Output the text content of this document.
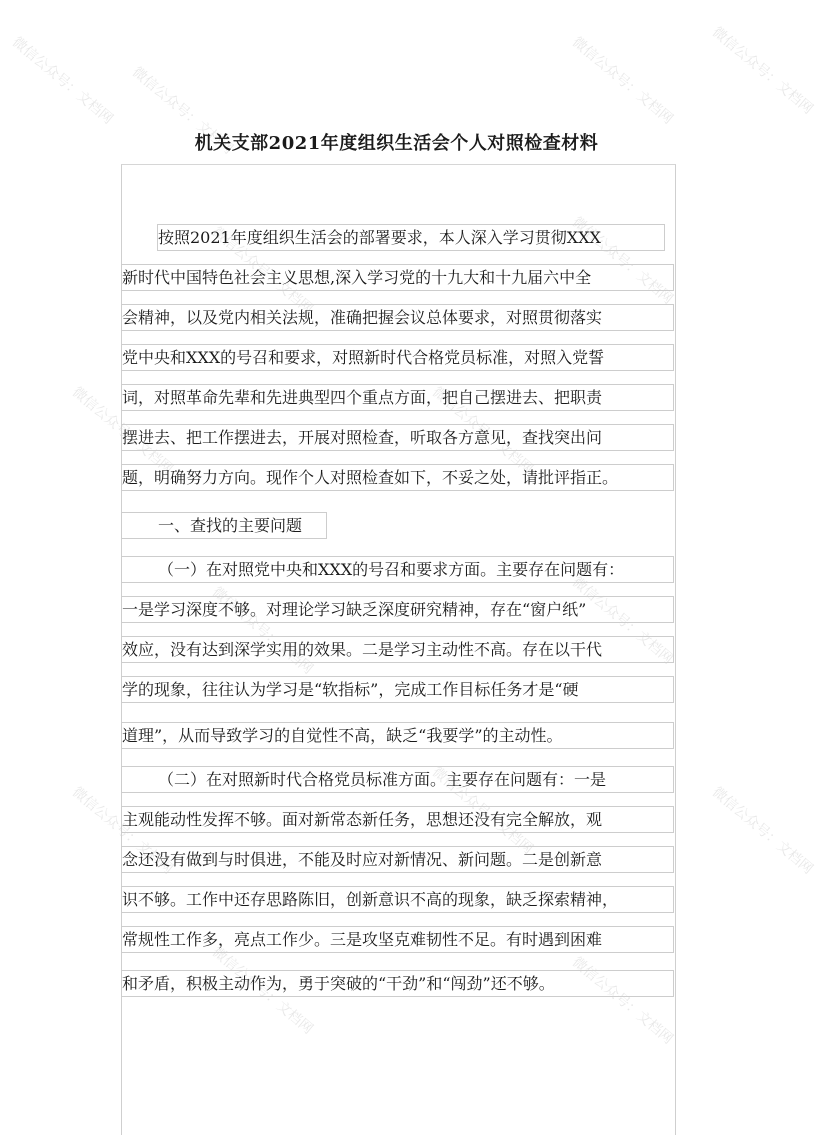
微信公众号：文档网 微信公众号：文档网	微信公众号：文档网 微信公众号：文档网
微信公众号：文档网	微信公众号：文档网
微信公众号：文档网	微信公众号：文档网
微信公众号：文档网	微信公众号：文档网
微信公众号：文档网	微信公众号：文档网	微信公众号：文档网
微信公众号：文档网	微信公众号：文档网
机关支部2021年度组织生活会个人对照检查材料
按照2021年度组织生活会的部署要求，本人深入学习贯彻XXX
新时代中国特色社会主义思想,深入学习党的十九大和十九届六中全
会精神，以及党内相关法规，准确把握会议总体要求，对照贯彻落实
党中央和XXX的号召和要求，对照新时代合格党员标准，对照入党誓
词，对照革命先辈和先进典型四个重点方面，把自己摆进去、把职责
摆进去、把工作摆进去，开展对照检查，听取各方意见，查找突出问
题，明确努力方向。现作个人对照检查如下，不妥之处，请批评指正。
一、查找的主要问题
（一）在对照党中央和XXX的号召和要求方面。主要存在问题有：
一是学习深度不够。对理论学习缺乏深度研究精神，存在“窗户纸”
效应，没有达到深学实用的效果。二是学习主动性不高。存在以干代
学的现象，往往认为学习是“软指标”，完成工作目标任务才是“硬
道理”，从而导致学习的自觉性不高，缺乏“我要学”的主动性。
（二）在对照新时代合格党员标准方面。主要存在问题有：一是
主观能动性发挥不够。面对新常态新任务，思想还没有完全解放，观
念还没有做到与时俱进，不能及时应对新情况、新问题。二是创新意
识不够。工作中还存思路陈旧，创新意识不高的现象，缺乏探索精神，
常规性工作多，亮点工作少。三是攻坚克难韧性不足。有时遇到困难
和矛盾，积极主动作为，勇于突破的“干劲”和“闯劲”还不够。
